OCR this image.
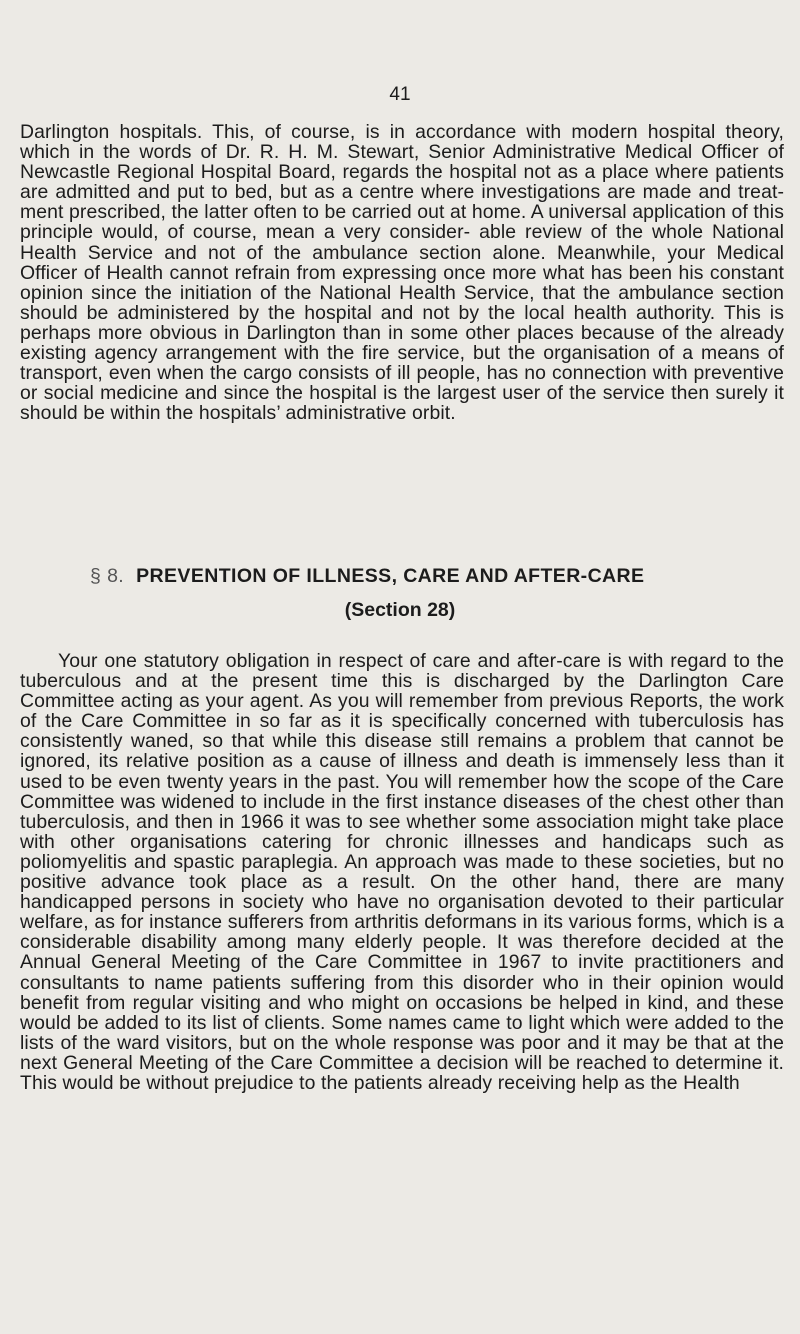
41

Darlington hospitals. This, of course, is in accordance with modern hospital theory, which in the words of Dr. R. H. M. Stewart, Senior Administrative Medical Officer of Newcastle Regional Hospital Board, regards the hospital not as a place where patients are admitted and put to bed, but as a centre where investigations are made and treat- ment prescribed, the latter often to be carried out at home. A universal application of this principle would, of course, mean a very consider- able review of the whole National Health Service and not of the ambulance section alone. Meanwhile, your Medical Officer of Health cannot refrain from expressing once more what has been his constant opinion since the initiation of the National Health Service, that the ambulance section should be administered by the hospital and not by the local health authority. This is perhaps more obvious in Darlington than in some other places because of the already existing agency arrangement with the fire service, but the organisation of a means of transport, even when the cargo consists of ill people, has no connection with preventive or social medicine and since the hospital is the largest user of the service then surely it should be within the hospitals’ administrative orbit.

§ 8. PREVENTION OF ILLNESS, CARE AND AFTER-CARE
(Section 28)

Your one statutory obligation in respect of care and after-care is with regard to the tuberculous and at the present time this is discharged by the Darlington Care Committee acting as your agent. As you will remember from previous Reports, the work of the Care Committee in so far as it is specifically concerned with tuberculosis has consistently waned, so that while this disease still remains a problem that cannot be ignored, its relative position as a cause of illness and death is immensely less than it used to be even twenty years in the past. You will remember how the scope of the Care Committee was widened to include in the first instance diseases of the chest other than tuberculosis, and then in 1966 it was to see whether some association might take place with other organisations catering for chronic illnesses and handicaps such as poliomyelitis and spastic paraplegia. An approach was made to these societies, but no positive advance took place as a result. On the other hand, there are many handicapped persons in society who have no organisation devoted to their particular welfare, as for instance sufferers from arthritis deformans in its various forms, which is a considerable disability among many elderly people. It was therefore decided at the Annual General Meeting of the Care Committee in 1967 to invite practitioners and consultants to name patients suffering from this disorder who in their opinion would benefit from regular visiting and who might on occasions be helped in kind, and these would be added to its list of clients. Some names came to light which were added to the lists of the ward visitors, but on the whole response was poor and it may be that at the next General Meeting of the Care Committee a decision will be reached to determine it. This would be without prejudice to the patients already receiving help as the Health
